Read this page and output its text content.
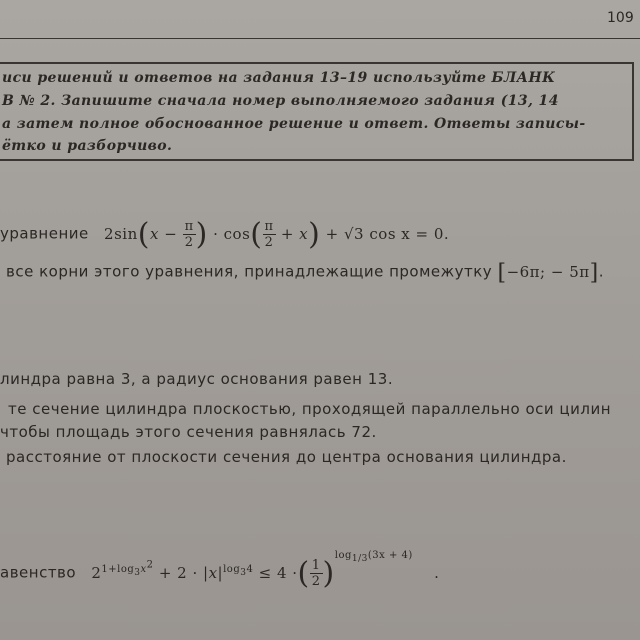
109
иси решений и ответов на задания 13–19 используйте БЛАНК
В № 2. Запишите сначала номер выполняемого задания (13, 14
а затем полное обоснованное решение и ответ. Ответы записы-
ётко и разборчиво.
уравнение $2\sin(x - \frac{\pi}{2}$ ) · $\cos( \frac{\pi}{2} + x) + √3$ cos x = 0.
все корни этого уравнения, принадлежащие промежутку [−6π; − 5π].
линдра равна 3, а радиус основания равен 13.
те сечение цилиндра плоскостью, проходящей параллельно оси цилин
чтобы площадь этого сечения равнялась 72.
расстояние от плоскости сечения до центра основания цилиндра.
авенство $2^{1+log_3x^2} + 2 \cdot |x|^{log_34} \le 4$ ·( $\frac{1}{2} )^{log_{1/3}(3x + 4)}$ .
